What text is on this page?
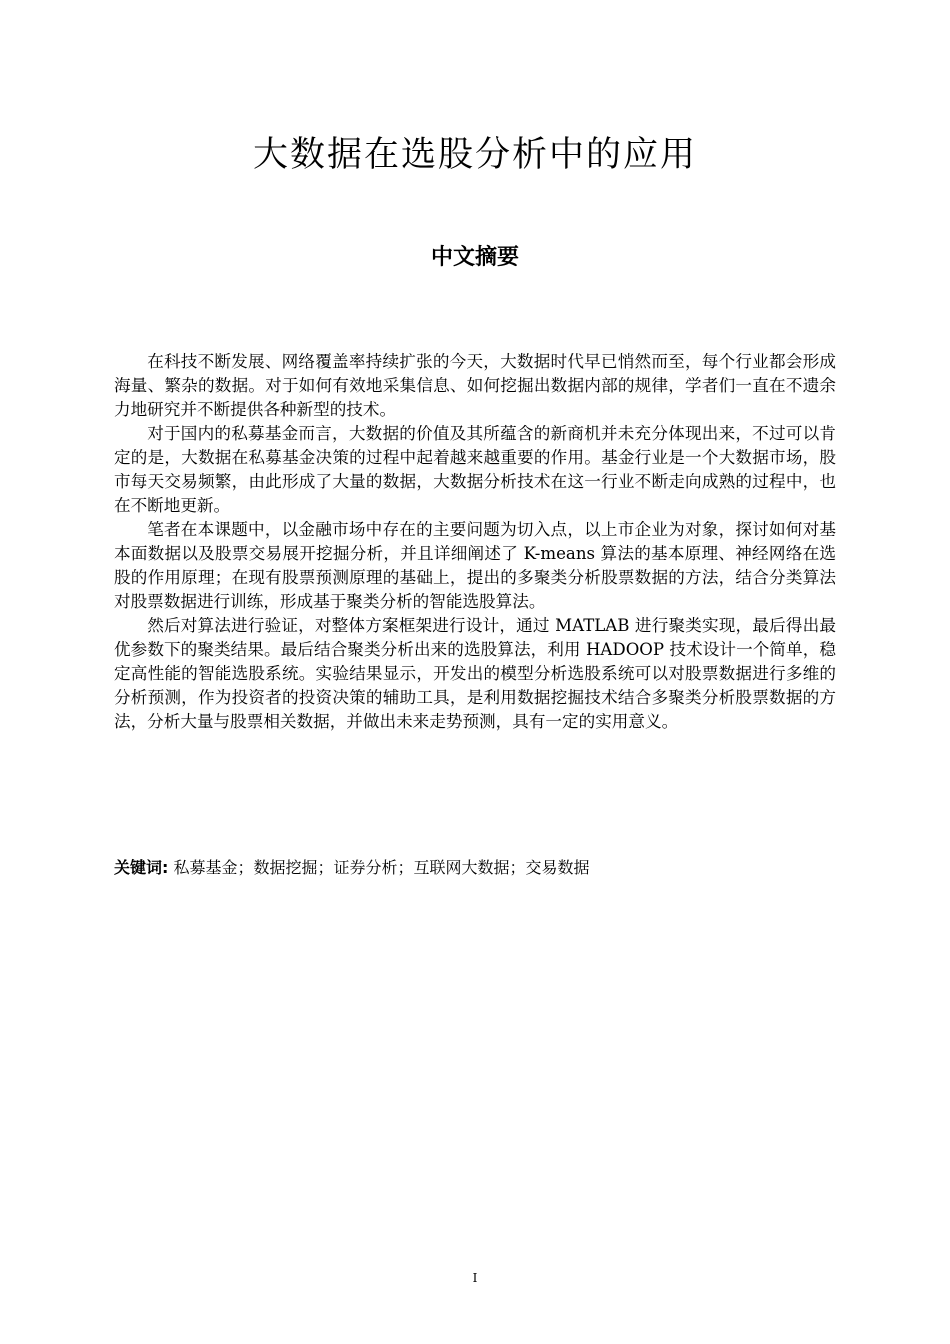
大数据在选股分析中的应用
中文摘要

在科技不断发展、网络覆盖率持续扩张的今天，大数据时代早已悄然而至，每个行业都会形成海量、繁杂的数据。对于如何有效地采集信息、如何挖掘出数据内部的规律，学者们一直在不遗余力地研究并不断提供各种新型的技术。

对于国内的私募基金而言，大数据的价值及其所蕴含的新商机并未充分体现出来，不过可以肯定的是，大数据在私募基金决策的过程中起着越来越重要的作用。基金行业是一个大数据市场，股市每天交易频繁，由此形成了大量的数据，大数据分析技术在这一行业不断走向成熟的过程中，也在不断地更新。

笔者在本课题中，以金融市场中存在的主要问题为切入点，以上市企业为对象，探讨如何对基本面数据以及股票交易展开挖掘分析，并且详细阐述了 K-means 算法的基本原理、神经网络在选股的作用原理；在现有股票预测原理的基础上，提出的多聚类分析股票数据的方法，结合分类算法对股票数据进行训练，形成基于聚类分析的智能选股算法。

然后对算法进行验证，对整体方案框架进行设计，通过 MATLAB 进行聚类实现，最后得出最优参数下的聚类结果。最后结合聚类分析出来的选股算法，利用 HADOOP 技术设计一个简单，稳定高性能的智能选股系统。实验结果显示，开发出的模型分析选股系统可以对股票数据进行多维的分析预测，作为投资者的投资决策的辅助工具，是利用数据挖掘技术结合多聚类分析股票数据的方法，分析大量与股票相关数据，并做出未来走势预测，具有一定的实用意义。

关键词: 私募基金；数据挖掘；证券分析；互联网大数据；交易数据
I
